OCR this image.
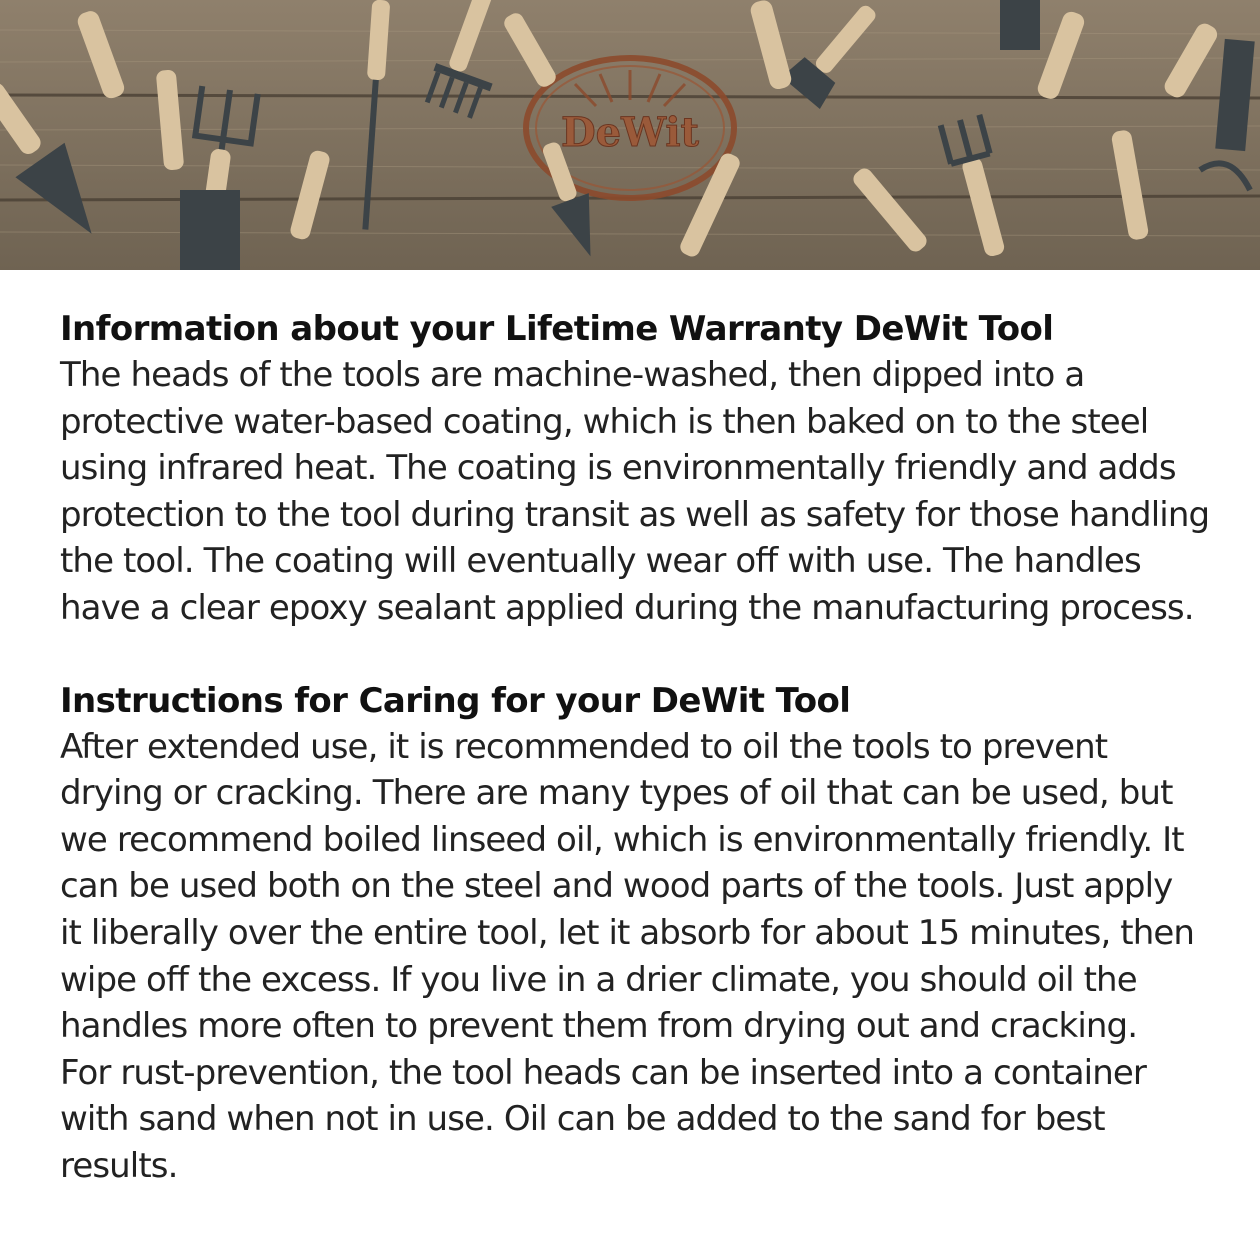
DeWit
Information about your Lifetime Warranty DeWit Tool

The heads of the tools are machine-washed, then dipped into a
protective water-based coating, which is then baked on to the steel
using infrared heat. The coating is environmentally friendly and adds
protection to the tool during transit as well as safety for those handling
the tool. The coating will eventually wear off with use. The handles
have a clear epoxy sealant applied during the manufacturing process.

Instructions for Caring for your DeWit Tool

After extended use, it is recommended to oil the tools to prevent
drying or cracking. There are many types of oil that can be used, but
we recommend boiled linseed oil, which is environmentally friendly. It
can be used both on the steel and wood parts of the tools. Just apply
it liberally over the entire tool, let it absorb for about 15 minutes, then
wipe off the excess. If you live in a drier climate, you should oil the
handles more often to prevent them from drying out and cracking.
For rust-prevention, the tool heads can be inserted into a container
with sand when not in use. Oil can be added to the sand for best
results.
